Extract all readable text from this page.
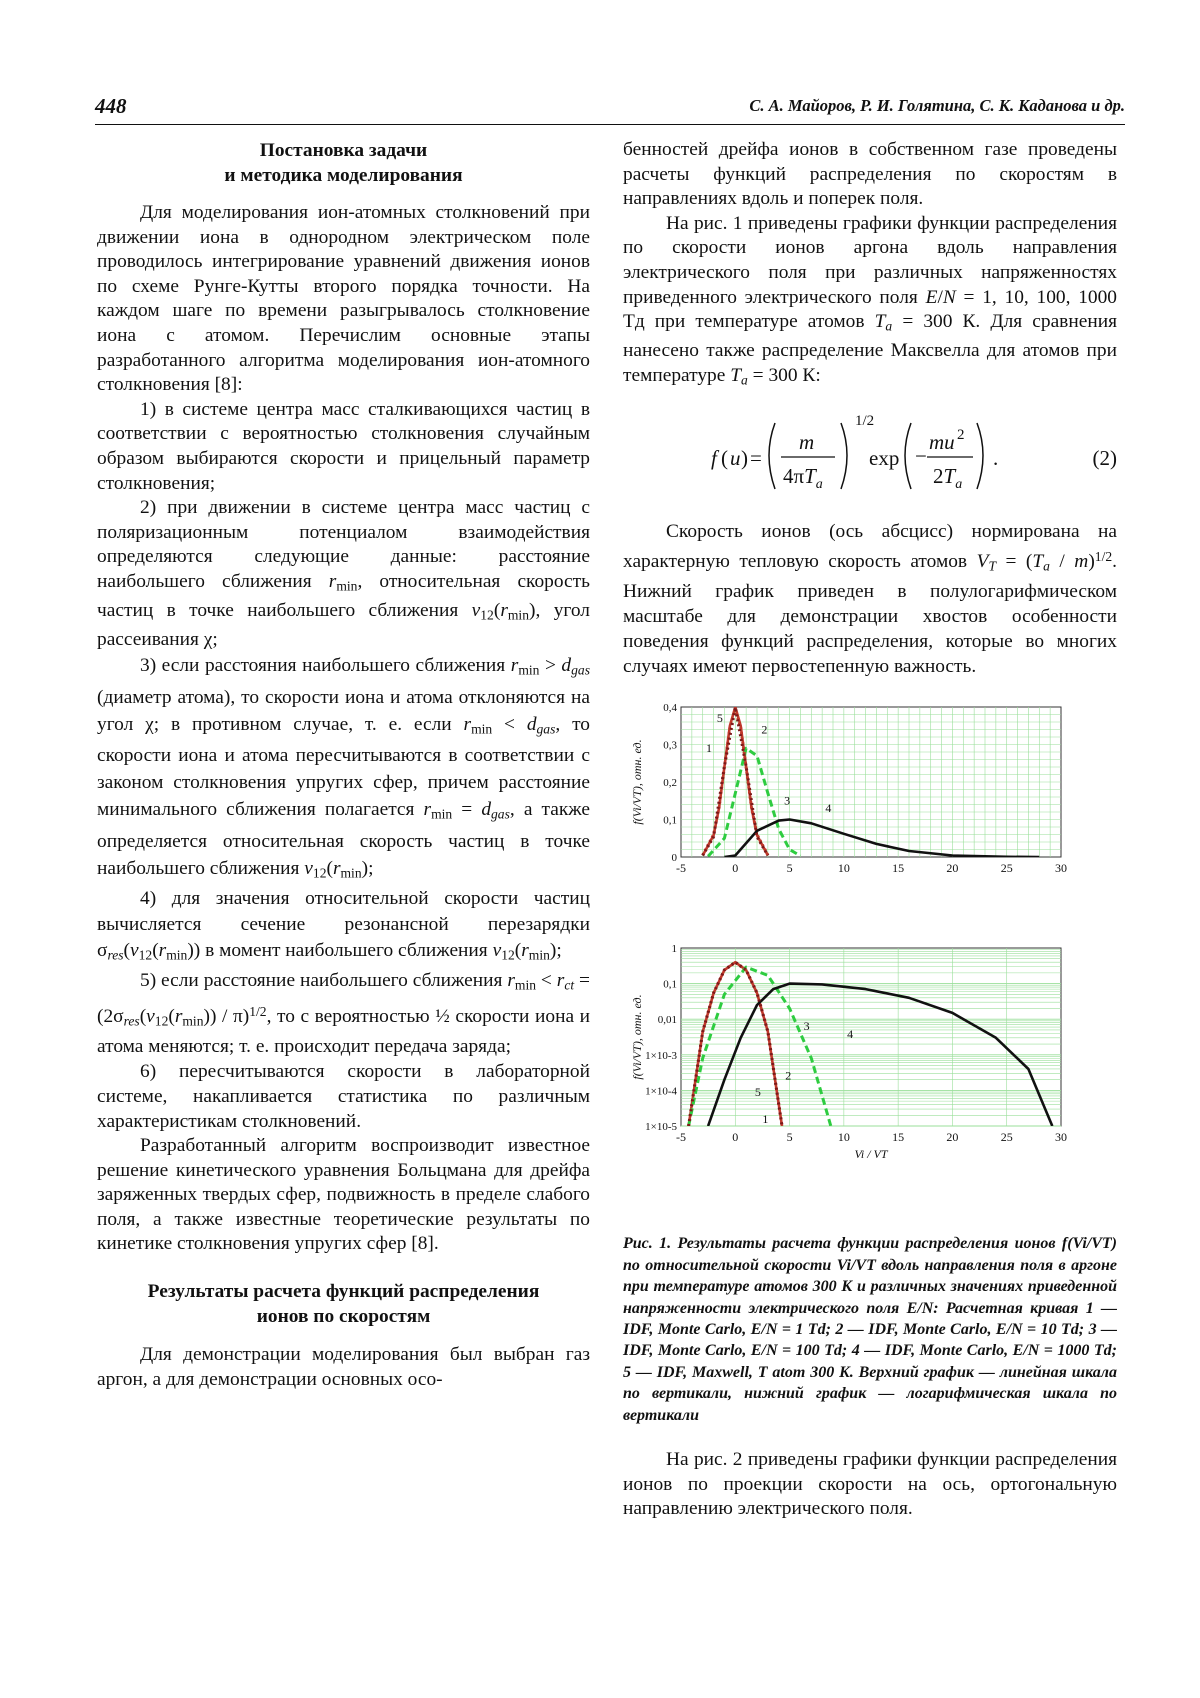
448	С. А. Майоров, Р. И. Голятина, С. К. Каданова и др.
Постановка задачи
и методика моделирования

Для моделирования ион-атомных столкновений при движении иона в однородном электрическом поле проводилось интегрирование уравнений движения ионов по схеме Рунге-Кутты второго порядка точности. На каждом шаге по времени разыгрывалось столкновение иона с атомом. Перечислим основные этапы разработанного алгоритма моделирования ион-атомного столкновения [8]:

1) в системе центра масс сталкивающихся частиц в соответствии с вероятностью столкновения случайным образом выбираются скорости и прицельный параметр столкновения;

2) при движении в системе центра масс частиц с поляризационным потенциалом взаимодействия определяются следующие данные: расстояние наибольшего сближения $r_{min}$, относительная скорость частиц в точке наибольшего сближения $v_{12}(r_{min})$, угол рассеивания χ;

3) если расстояния наибольшего сближения $r_{min} > d_{gas}$ (диаметр атома), то скорости иона и атома отклоняются на угол χ; в противном случае, т. е. если $r_{min} < d_{gas}$, то скорости иона и атома пересчитываются в соответствии с законом столкновения упругих сфер, причем расстояние минимального сближения полагается $r_{min} = d_{gas}$, а также определяется относительная скорость частиц в точке наибольшего сближения $v_{12}(r_{min})$;

4) для значения относительной скорости частиц вычисляется сечение резонансной перезарядки $\sigma_{res}(v_{12}(r_{min}))$ в момент наибольшего сближения $v_{12}(r_{min})$;

5) если расстояние наибольшего сближения $r_{min} < r_{ct} = (2\sigma_{res}(v_{12}(r_{min})) / \pi)^{1/2}$, то с вероятностью ½ скорости иона и атома меняются; т. е. происходит передача заряда;

6) пересчитываются скорости в лабораторной системе, накапливается статистика по различным характеристикам столкновений.

Разработанный алгоритм воспроизводит известное решение кинетического уравнения Больцмана для дрейфа заряженных твердых сфер, подвижность в пределе слабого поля, а также известные теоретические результаты по кинетике столкновения упругих сфер [8].

Результаты расчета функций распределения
ионов по скоростям

Для демонстрации моделирования был выбран газ аргон, а для демонстрации основных осо-

бенностей дрейфа ионов в собственном газе проведены расчеты функций распределения по скоростям в направлениях вдоль и поперек поля.

На рис. 1 приведены графики функции распределения по скорости ионов аргона вдоль направления электрического поля при различных напряженностях приведенного электрического поля E/N = 1, 10, 100, 1000 Тд при температуре атомов $T_a = 300$ К. Для сравнения нанесено также распределение Максвелла для атомов при температуре $T_a = 300$ К:

f ( u ) =
m
$4\pi T_a$
1/2
exp −
mu 2
$2T_a$
.	(2)

Скорость ионов (ось абсцисс) нормирована на характерную тепловую скорость атомов $V_T = (T_a / m)^{1/2}$. Нижний график приведен в полулогарифмическом масштабе для демонстрации хвостов особенности поведения функций распределения, которые во многих случаях имеют первостепенную важность.

-5	0	5	10	15	20	25	30
0
0,1
0,2
0,3
0,4
f(Vi/VT), отн. ед.
5
2
1
3
4
-5	0	5	10	15	20	25	30
1×10-5
1×10-4
1×10-3
0,01
0,1
1
f(Vi/VT), отн. ед.
Vi / VT
3
4
2
5
1

Рис. 1. Результаты расчета функции распределения ионов f(Vi/VT) по относительной скорости Vi/VT вдоль направления поля в аргоне при температуре атомов 300 К и различных значениях приведенной напряженности электрического поля E/N: Расчетная кривая 1 — IDF, Monte Carlo, E/N = 1 Тd; 2 — IDF, Monte Carlo, E/N = 10 Тd; 3 — IDF, Monte Carlo, E/N = 100 Тd; 4 — IDF, Monte Carlo, E/N = 1000 Тd; 5 — IDF, Maxwell, T atom 300 K. Верхний график — линейная шкала по вертикали, нижний график — логарифмическая шкала по вертикали

На рис. 2 приведены графики функции распределения ионов по проекции скорости на ось, ортогональную направлению электрического поля.
